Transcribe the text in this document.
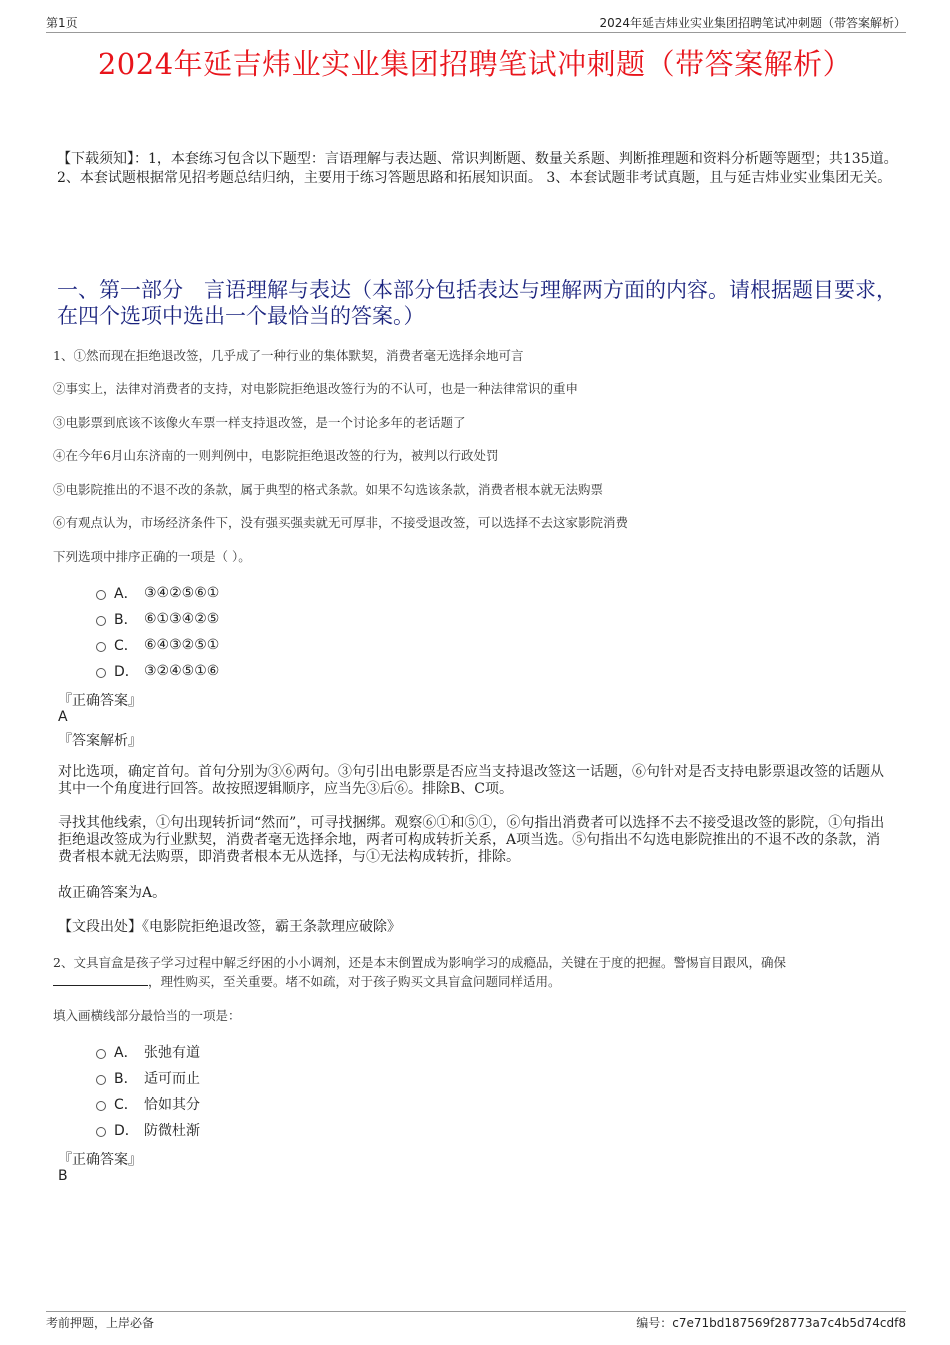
第1页	2024年延吉炜业实业集团招聘笔试冲刺题（带答案解析）
2024年延吉炜业实业集团招聘笔试冲刺题（带答案解析）
【下载须知】：1，本套练习包含以下题型：言语理解与表达题、常识判断题、数量关系题、判断推理题和资料分析题等题型；共135道。 2、本套试题根据常见招考题总结归纳，主要用于练习答题思路和拓展知识面。 3、本套试题非考试真题，且与延吉炜业实业集团无关。
一、第一部分　言语理解与表达（本部分包括表达与理解两方面的内容。请根据题目要求，在四个选项中选出一个最恰当的答案。）
1、①然而现在拒绝退改签，几乎成了一种行业的集体默契，消费者毫无选择余地可言
②事实上，法律对消费者的支持，对电影院拒绝退改签行为的不认可，也是一种法律常识的重申
③电影票到底该不该像火车票一样支持退改签，是一个讨论多年的老话题了
④在今年6月山东济南的一则判例中，电影院拒绝退改签的行为，被判以行政处罚
⑤电影院推出的不退不改的条款，属于典型的格式条款。如果不勾选该条款，消费者根本就无法购票
⑥有观点认为，市场经济条件下，没有强买强卖就无可厚非，不接受退改签，可以选择不去这家影院消费
下列选项中排序正确的一项是（ ）。
A． ③④②⑤⑥①
B． ⑥①③④②⑤
C． ⑥④③②⑤①
D． ③②④⑤①⑥
『正确答案』
A
『答案解析』
对比选项，确定首句。首句分别为③⑥两句。③句引出电影票是否应当支持退改签这一话题，⑥句针对是否支持电影票退改签的话题从其中一个角度进行回答。故按照逻辑顺序，应当先③后⑥。排除B、C项。
寻找其他线索，①句出现转折词“然而”，可寻找捆绑。观察⑥①和⑤①，⑥句指出消费者可以选择不去不接受退改签的影院，①句指出拒绝退改签成为行业默契，消费者毫无选择余地，两者可构成转折关系，A项当选。⑤句指出不勾选电影院推出的不退不改的条款，消费者根本就无法购票，即消费者根本无从选择，与①无法构成转折，排除。
故正确答案为A。
【文段出处】《电影院拒绝退改签，霸王条款理应破除》
2、文具盲盒是孩子学习过程中解乏纾困的小小调剂，还是本末倒置成为影响学习的成瘾品，关键在于度的把握。警惕盲目跟风，确保
，理性购买，至关重要。堵不如疏，对于孩子购买文具盲盒问题同样适用。
填入画横线部分最恰当的一项是：
A． 张弛有道
B． 适可而止
C． 恰如其分
D． 防微杜渐
『正确答案』
B
考前押题，上岸必备	编号：c7e71bd187569f28773a7c4b5d74cdf8
